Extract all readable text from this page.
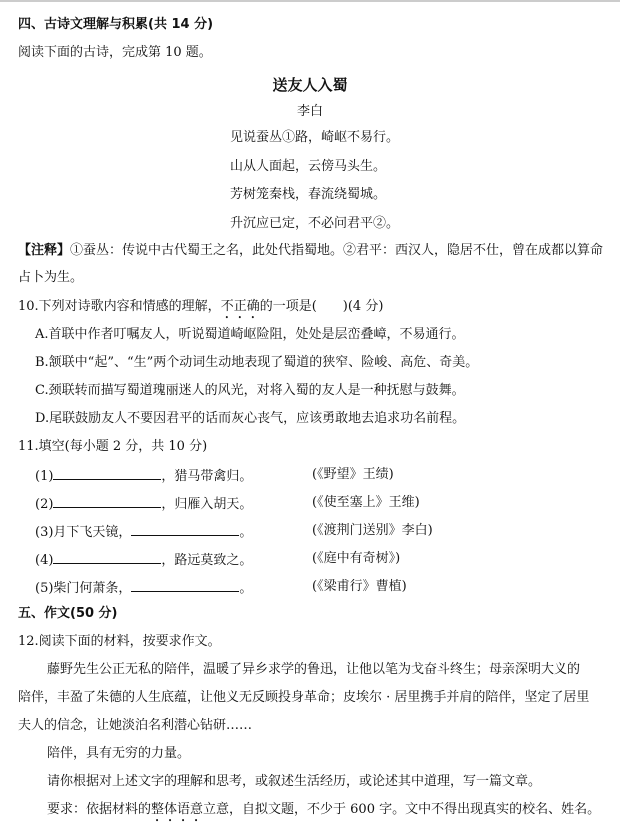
四、古诗文理解与积累(共 14 分)
阅读下面的古诗，完成第 10 题。
送友人入蜀
李白
见说蚕丛①路，崎岖不易行。
山从人面起，云傍马头生。
芳树笼秦栈，春流绕蜀城。
升沉应已定，不必问君平②。
【注释】①蚕丛：传说中古代蜀王之名，此处代指蜀地。②君平：西汉人，隐居不仕，曾在成都以算命
占卜为生。
10.下列对诗歌内容和情感的理解，不正确的一项是(　　)(4 分)
A.首联中作者叮嘱友人，听说蜀道崎岖险阻，处处是层峦叠嶂，不易通行。
B.颔联中“起”、“生”两个动词生动地表现了蜀道的狭窄、险峻、高危、奇美。
C.颈联转而描写蜀道瑰丽迷人的风光，对将入蜀的友人是一种抚慰与鼓舞。
D.尾联鼓励友人不要因君平的话而灰心丧气，应该勇敢地去追求功名前程。
11.填空(每小题 2 分，共 10 分)
(1)	，猎马带禽归。	(《野望》王绩)
(2)	，归雁入胡天。	(《使至塞上》王维)
(3)月下飞天镜，	。	(《渡荆门送别》李白)
(4)	，路远莫致之。	(《庭中有奇树》)
(5)柴门何萧条，	。	(《梁甫行》曹植)
五、作文(50 分)
12.阅读下面的材料，按要求作文。
藤野先生公正无私的陪伴，温暖了异乡求学的鲁迅，让他以笔为戈奋斗终生；母亲深明大义的
陪伴，丰盈了朱德的人生底蕴，让他义无反顾投身革命；皮埃尔 · 居里携手并肩的陪伴，坚定了居里
夫人的信念，让她淡泊名利潜心钻研……
陪伴，具有无穷的力量。
请你根据对上述文字的理解和思考，或叙述生活经历，或论述其中道理，写一篇文章。
要求：依据材料的整体语意立意，自拟文题，不少于 600 字。文中不得出现真实的校名、姓名。
